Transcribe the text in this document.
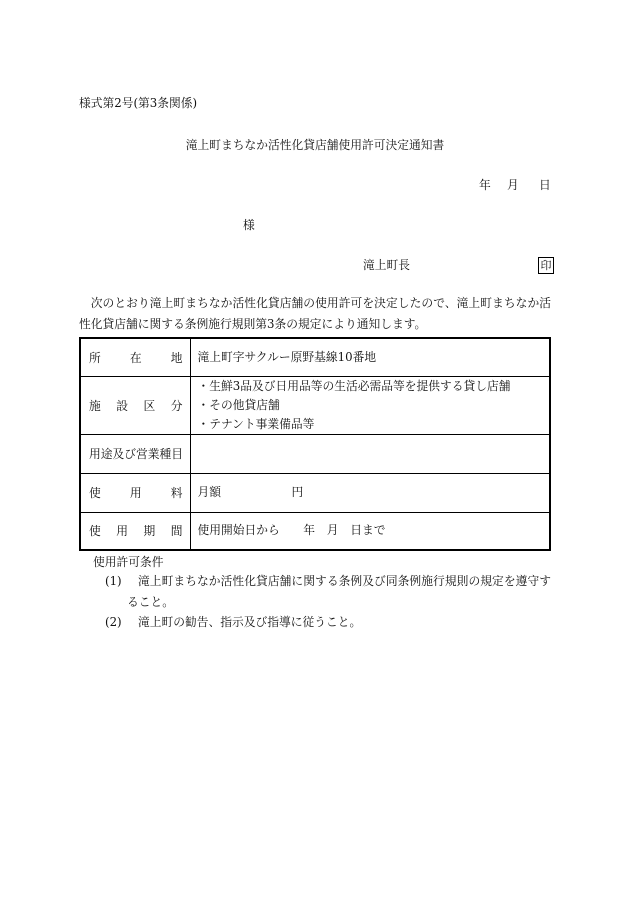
様式第2号(第3条関係)
滝上町まちなか活性化貸店舗使用許可決定通知書
年 月 日
様
滝上町長	印

次のとおり滝上町まちなか活性化貸店舗の使用許可を決定したので、滝上町まちなか活性化貸店舗に関する条例施行規則第3条の規定により通知します。

所在地	滝上町字サクルー原野基線10番地

施設区分	・生鮮3品及び日用品等の生活必需品等を提供する貸し店舗
・その他貸店舗
・テナント事業備品等

用途及び営業種目	
使用料	月額　　　　　　円

使用期間	使用開始日から　　年　月　日まで
使用許可条件
(1)	滝上町まちなか活性化貸店舗に関する条例及び同条例施行規則の規定を遵守すること。
(2)	滝上町の勧告、指示及び指導に従うこと。
